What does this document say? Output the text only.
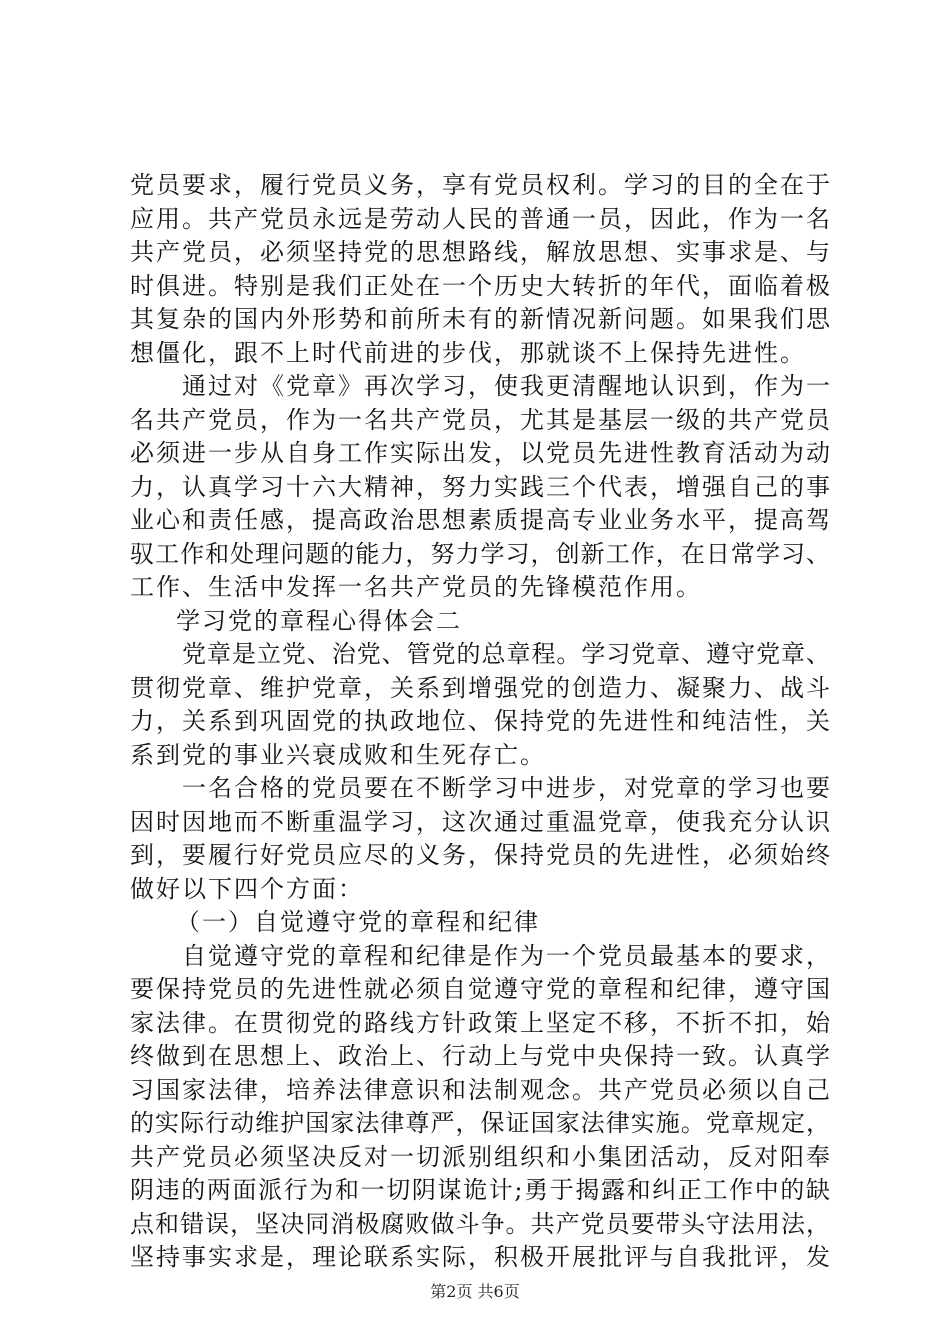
党员要求，履行党员义务，享有党员权利。学习的目的全在于
应用。共产党员永远是劳动人民的普通一员，因此，作为一名
共产党员，必须坚持党的思想路线，解放思想、实事求是、与
时俱进。特别是我们正处在一个历史大转折的年代，面临着极
其复杂的国内外形势和前所未有的新情况新问题。如果我们思
想僵化，跟不上时代前进的步伐，那就谈不上保持先进性。
通过对《党章》再次学习，使我更清醒地认识到，作为一
名共产党员，作为一名共产党员，尤其是基层一级的共产党员
必须进一步从自身工作实际出发，以党员先进性教育活动为动
力，认真学习十六大精神，努力实践三个代表，增强自己的事
业心和责任感，提高政治思想素质提高专业业务水平，提高驾
驭工作和处理问题的能力，努力学习，创新工作，在日常学习、
工作、生活中发挥一名共产党员的先锋模范作用。
学习党的章程心得体会二
党章是立党、治党、管党的总章程。学习党章、遵守党章、
贯彻党章、维护党章，关系到增强党的创造力、凝聚力、战斗
力，关系到巩固党的执政地位、保持党的先进性和纯洁性，关
系到党的事业兴衰成败和生死存亡。
一名合格的党员要在不断学习中进步，对党章的学习也要
因时因地而不断重温学习，这次通过重温党章，使我充分认识
到，要履行好党员应尽的义务，保持党员的先进性，必须始终
做好以下四个方面：
（一）自觉遵守党的章程和纪律
自觉遵守党的章程和纪律是作为一个党员最基本的要求，
要保持党员的先进性就必须自觉遵守党的章程和纪律，遵守国
家法律。在贯彻党的路线方针政策上坚定不移，不折不扣，始
终做到在思想上、政治上、行动上与党中央保持一致。认真学
习国家法律，培养法律意识和法制观念。共产党员必须以自己
的实际行动维护国家法律尊严，保证国家法律实施。党章规定，
共产党员必须坚决反对一切派别组织和小集团活动，反对阳奉
阴违的两面派行为和一切阴谋诡计;勇于揭露和纠正工作中的缺
点和错误，坚决同消极腐败做斗争。共产党员要带头守法用法，
坚持事实求是，理论联系实际，积极开展批评与自我批评，发
第2页 共6页
